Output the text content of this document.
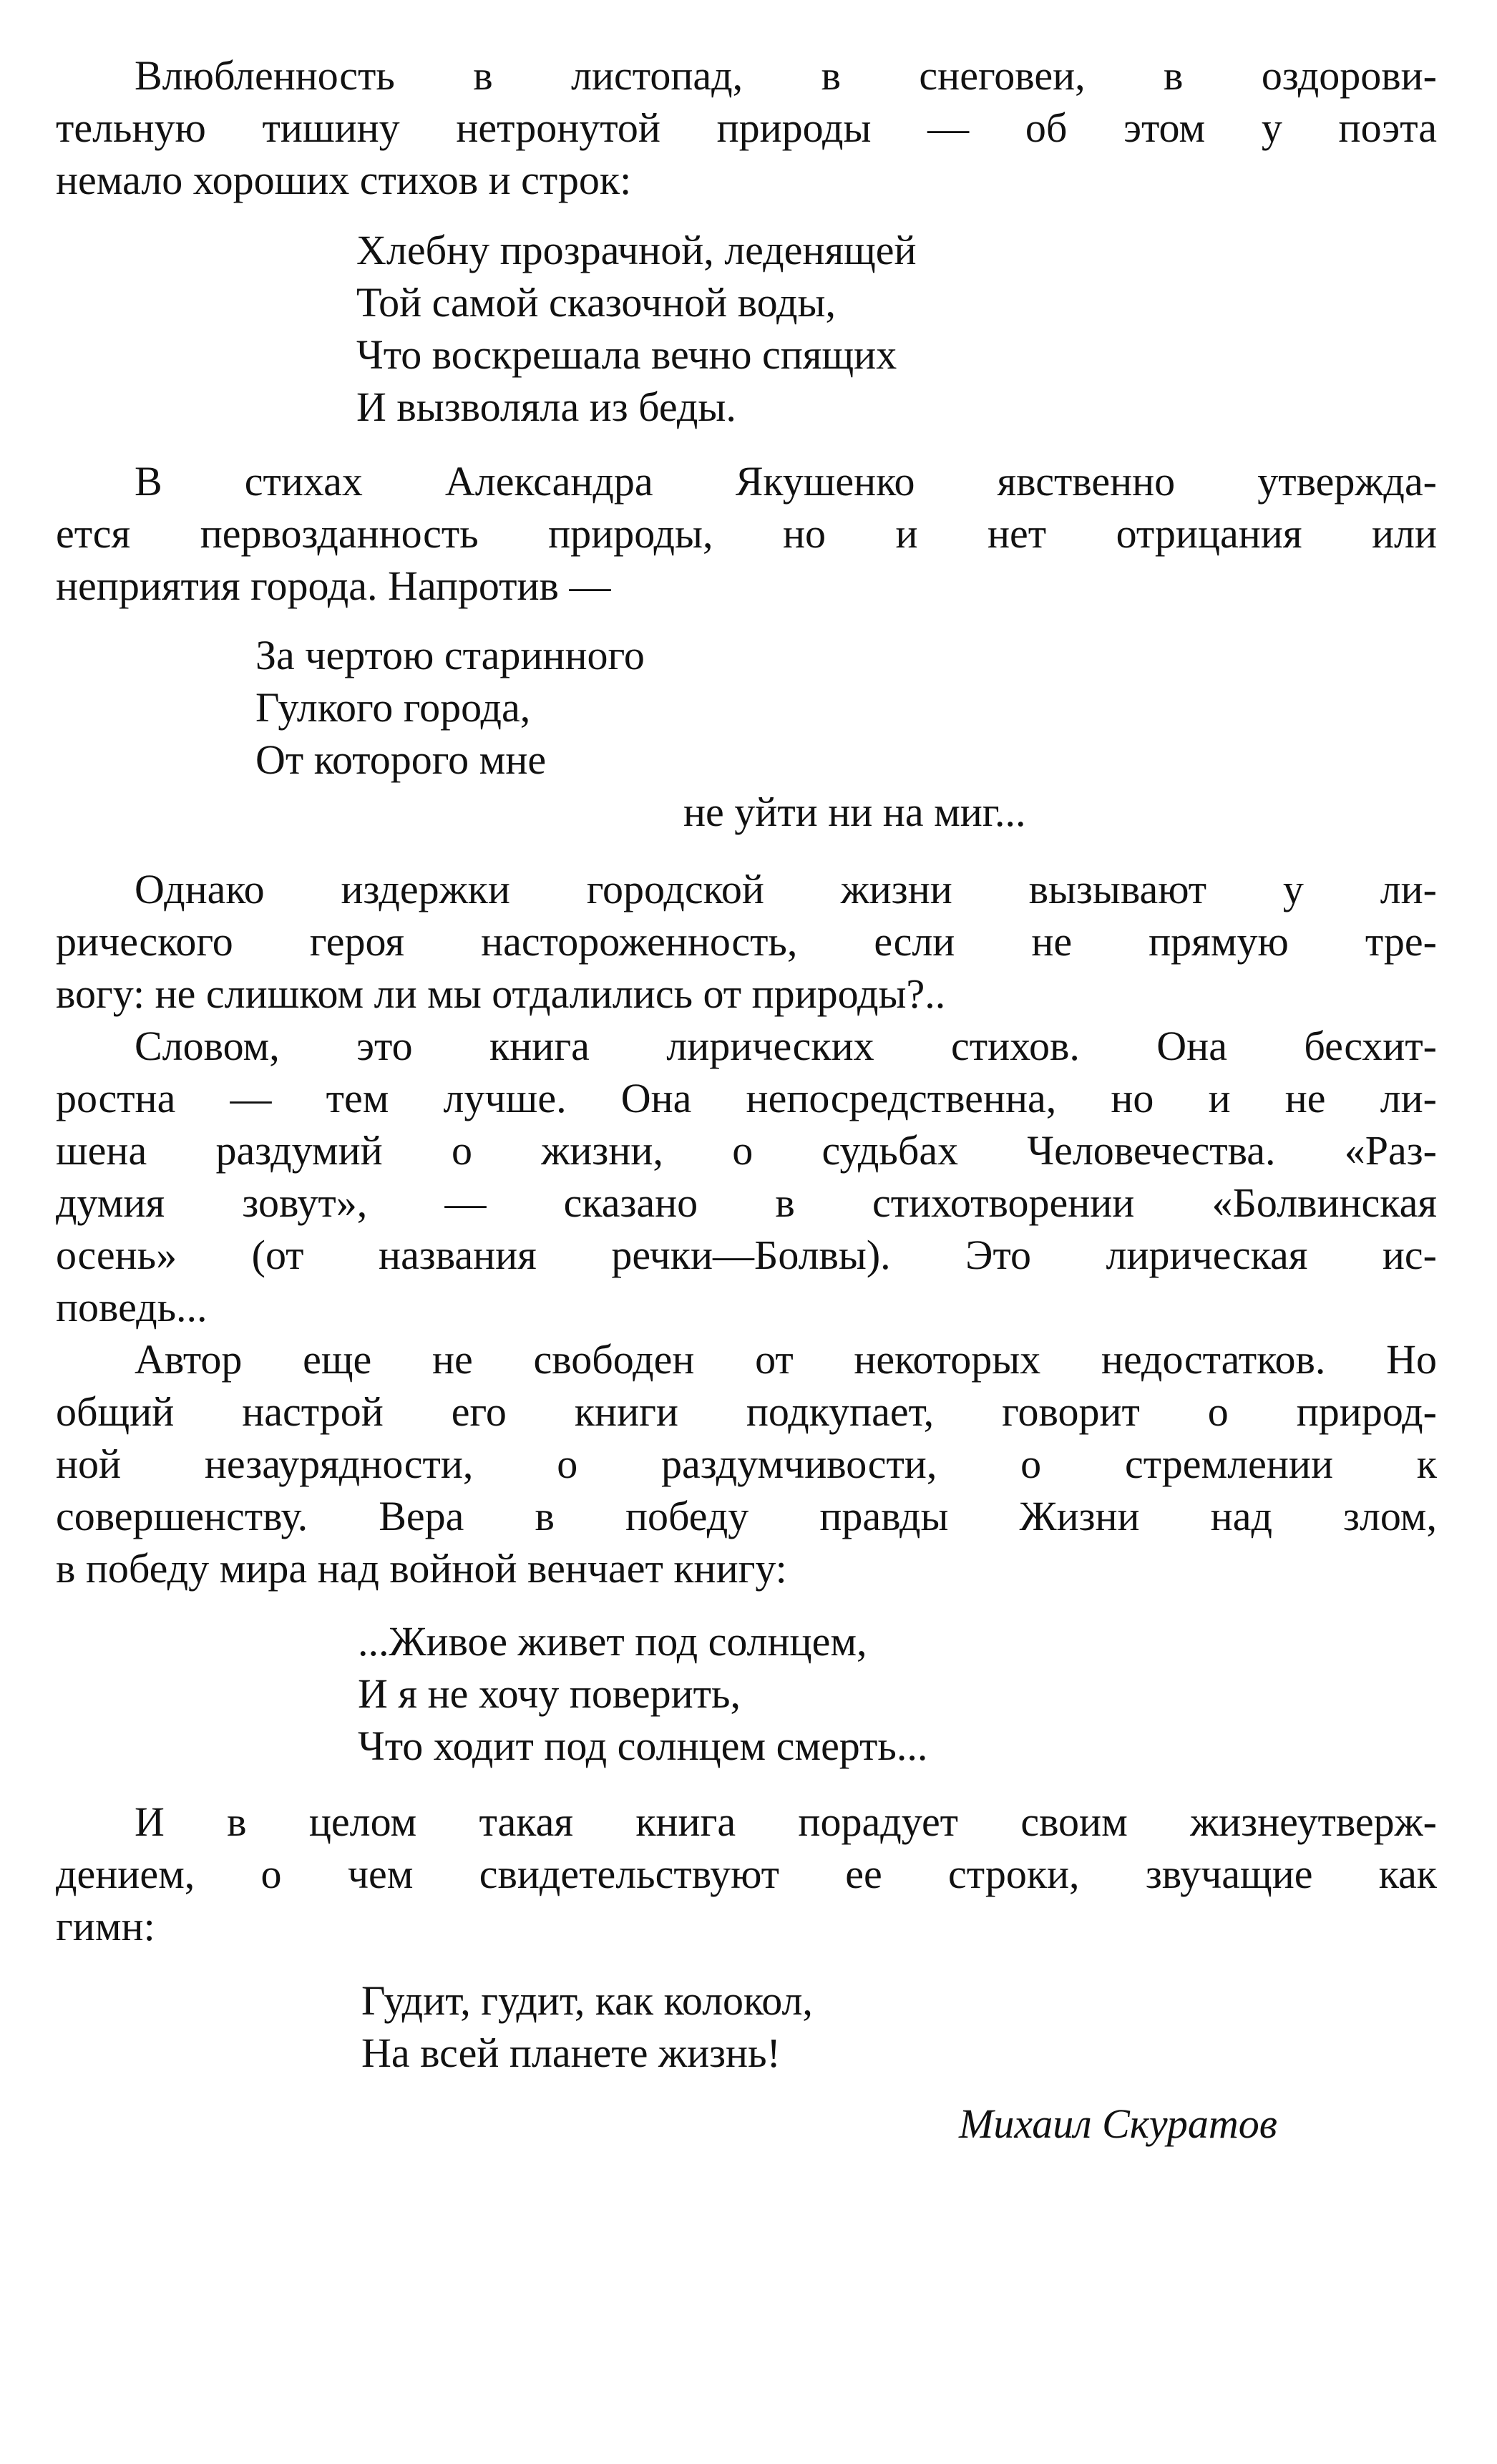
Влюбленность в листопад, в снеговеи, в оздорови-
тельную тишину нетронутой природы — об этом у поэта
немало хороших стихов и строк:
Хлебну прозрачной, леденящей
Той самой сказочной воды,
Что воскрешала вечно спящих
И вызволяла из беды.
В стихах Александра Якушенко явственно утвержда-
ется первозданность природы, но и нет отрицания или
неприятия города. Напротив —
За чертою старинного
Гулкого города,
От которого мне
не уйти ни на миг...
Однако издержки городской жизни вызывают у ли-
рического героя настороженность, если не прямую тре-
вогу: не слишком ли мы отдалились от природы?..
Словом, это книга лирических стихов. Она бесхит-
ростна — тем лучше. Она непосредственна, но и не ли-
шена раздумий о жизни, о судьбах Человечества. «Раз-
думия зовут», — сказано в стихотворении «Болвинская
осень» (от названия речки—Болвы). Это лирическая ис-
поведь...
Автор еще не свободен от некоторых недостатков. Но
общий настрой его книги подкупает, говорит о природ-
ной незаурядности, о раздумчивости, о стремлении к
совершенству. Вера в победу правды Жизни над злом,
в победу мира над войной венчает книгу:
...Живое живет под солнцем,
И я не хочу поверить,
Что ходит под солнцем смерть...
И в целом такая книга порадует своим жизнеутверж-
дением, о чем свидетельствуют ее строки, звучащие как
гимн:
Гудит, гудит, как колокол,
На всей планете жизнь!
Михаил Скуратов
